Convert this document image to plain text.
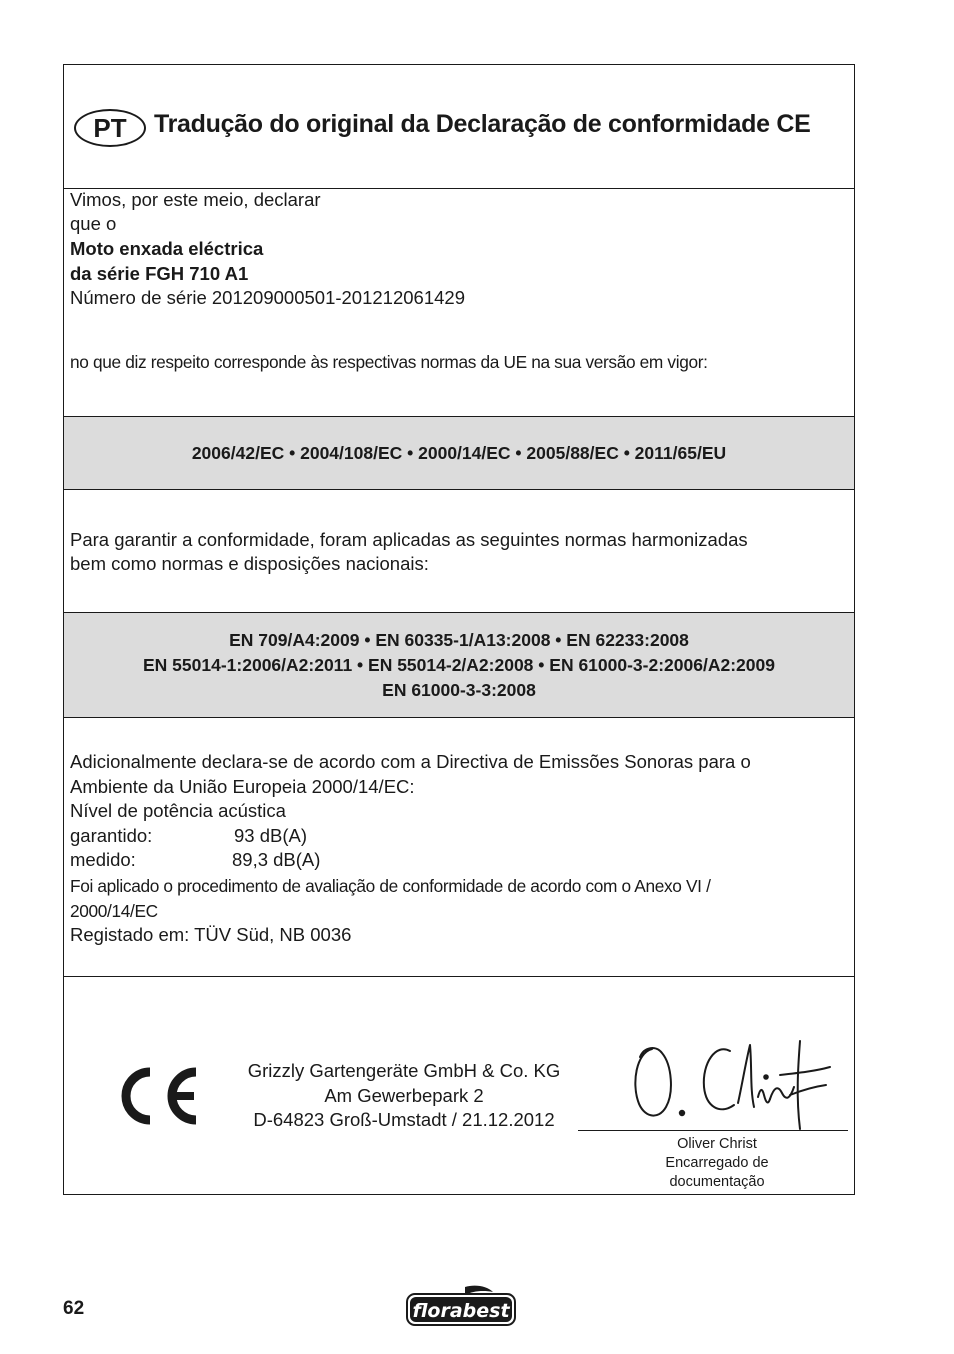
PT	Tradução do original da Declaração de conformidade CE
Vimos, por este meio, declarar
que o
Moto enxada eléctrica
da série FGH 710 A1
Número de série 201209000501-201212061429
no que diz respeito corresponde às respectivas normas da UE na sua versão em vigor:
2006/42/EC • 2004/108/EC • 2000/14/EC • 2005/88/EC • 2011/65/EU
Para garantir a conformidade, foram aplicadas as seguintes normas harmonizadas
bem como normas e disposições nacionais:
EN 709/A4:2009 • EN 60335-1/A13:2008 • EN 62233:2008
EN 55014-1:2006/A2:2011 • EN 55014-2/A2:2008 • EN 61000-3-2:2006/A2:2009
EN 61000-3-3:2008
Adicionalmente declara-se de acordo com a Directiva de Emissões Sonoras para o
Ambiente da União Europeia 2000/14/EC:
Nível de potência acústica
garantido:	93 dB(A)
medido:	89,3 dB(A)
Foi aplicado o procedimento de avaliação de conformidade de acordo com o Anexo VI /
2000/14/EC
Registado em: TÜV Süd, NB 0036
Grizzly Gartengeräte GmbH & Co. KG
Am Gewerbepark 2
D-64823 Groß-Umstadt / 21.12.2012
Oliver Christ
Encarregado de
documentação
62	florabest
